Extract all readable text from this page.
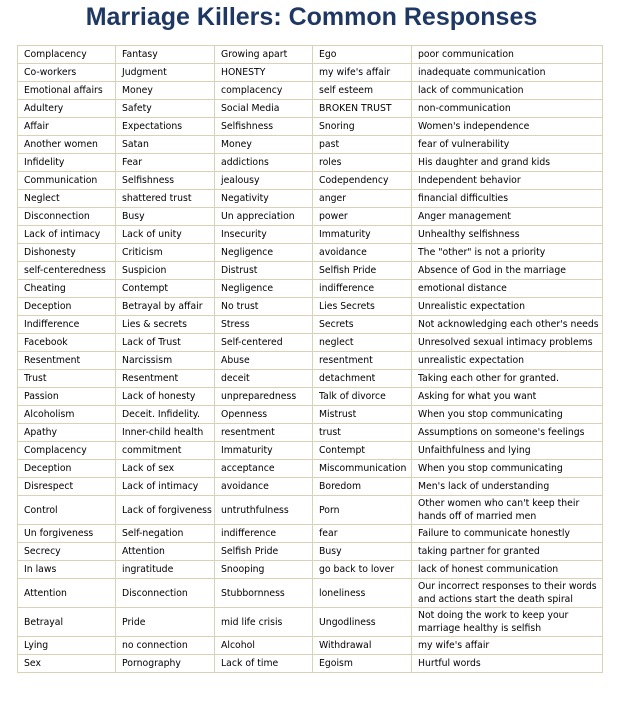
Marriage Killers: Common Responses
Complacency	Fantasy	Growing apart	Ego	poor communication
Co-workers	Judgment	HONESTY	my wife's affair	inadequate communication
Emotional affairs	Money	complacency	self esteem	lack of communication
Adultery	Safety	Social Media	BROKEN TRUST	non-communication
Affair	Expectations	Selfishness	Snoring	Women's independence
Another women	Satan	Money	past	fear of vulnerability
Infidelity	Fear	addictions	roles	His daughter and grand kids
Communication	Selfishness	jealousy	Codependency	Independent behavior
Neglect	shattered trust	Negativity	anger	financial difficulties
Disconnection	Busy	Un appreciation	power	Anger management
Lack of intimacy	Lack of unity	Insecurity	Immaturity	Unhealthy selfishness
Dishonesty	Criticism	Negligence	avoidance	The "other" is not a priority
self-centeredness	Suspicion	Distrust	Selfish Pride	Absence of God in the marriage
Cheating	Contempt	Negligence	indifference	emotional distance
Deception	Betrayal by affair	No trust	Lies Secrets	Unrealistic expectation
Indifference	Lies & secrets	Stress	Secrets	Not acknowledging each other's needs
Facebook	Lack of Trust	Self-centered	neglect	Unresolved sexual intimacy problems
Resentment	Narcissism	Abuse	resentment	unrealistic expectation
Trust	Resentment	deceit	detachment	Taking each other for granted.
Passion	Lack of honesty	unpreparedness	Talk of divorce	Asking for what you want
Alcoholism	Deceit. Infidelity.	Openness	Mistrust	When you stop communicating
Apathy	Inner-child health	resentment	trust	Assumptions on someone's feelings
Complacency	commitment	Immaturity	Contempt	Unfaithfulness and lying
Deception	Lack of sex	acceptance	Miscommunication	When you stop communicating
Disrespect	Lack of intimacy	avoidance	Boredom	Men's lack of understanding
Control	Lack of forgiveness	untruthfulness	Porn	Other women who can't keep their hands off of married men
Un forgiveness	Self-negation	indifference	fear	Failure to communicate honestly
Secrecy	Attention	Selfish Pride	Busy	taking partner for granted
In laws	ingratitude	Snooping	go back to lover	lack of honest communication
Attention	Disconnection	Stubbornness	loneliness	Our incorrect responses to their words and actions start the death spiral
Betrayal	Pride	mid life crisis	Ungodliness	Not doing the work to keep your marriage healthy is selfish
Lying	no connection	Alcohol	Withdrawal	my wife's affair
Sex	Pornography	Lack of time	Egoism	Hurtful words
